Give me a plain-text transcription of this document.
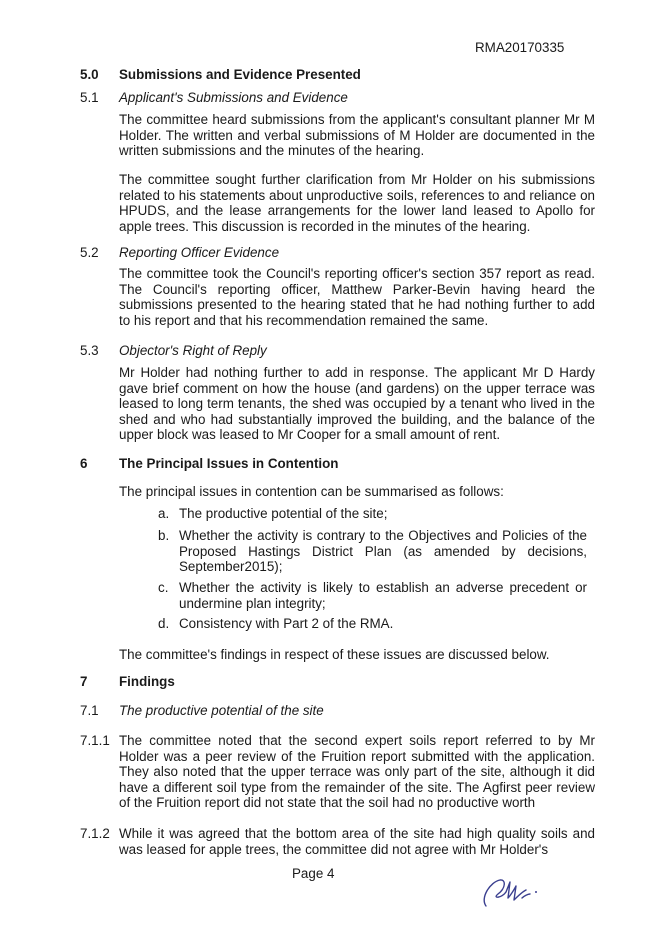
RMA20170335
5.0 Submissions and Evidence Presented
5.1 Applicant's Submissions and Evidence
The committee heard submissions from the applicant's consultant planner Mr M Holder. The written and verbal submissions of M Holder are documented in the written submissions and the minutes of the hearing.
The committee sought further clarification from Mr Holder on his submissions related to his statements about unproductive soils, references to and reliance on HPUDS, and the lease arrangements for the lower land leased to Apollo for apple trees. This discussion is recorded in the minutes of the hearing.
5.2 Reporting Officer Evidence
The committee took the Council's reporting officer's section 357 report as read. The Council's reporting officer, Matthew Parker-Bevin having heard the submissions presented to the hearing stated that he had nothing further to add to his report and that his recommendation remained the same.
5.3 Objector's Right of Reply
Mr Holder had nothing further to add in response. The applicant Mr D Hardy gave brief comment on how the house (and gardens) on the upper terrace was leased to long term tenants, the shed was occupied by a tenant who lived in the shed and who had substantially improved the building, and the balance of the upper block was leased to Mr Cooper for a small amount of rent.
6 The Principal Issues in Contention
The principal issues in contention can be summarised as follows:
a. The productive potential of the site;
b. Whether the activity is contrary to the Objectives and Policies of the Proposed Hastings District Plan (as amended by decisions, September2015);
c. Whether the activity is likely to establish an adverse precedent or undermine plan integrity;
d. Consistency with Part 2 of the RMA.
The committee's findings in respect of these issues are discussed below.
7 Findings
7.1 The productive potential of the site
7.1.1 The committee noted that the second expert soils report referred to by Mr Holder was a peer review of the Fruition report submitted with the application. They also noted that the upper terrace was only part of the site, although it did have a different soil type from the remainder of the site. The Agfirst peer review of the Fruition report did not state that the soil had no productive worth
7.1.2 While it was agreed that the bottom area of the site had high quality soils and was leased for apple trees, the committee did not agree with Mr Holder's
Page 4
